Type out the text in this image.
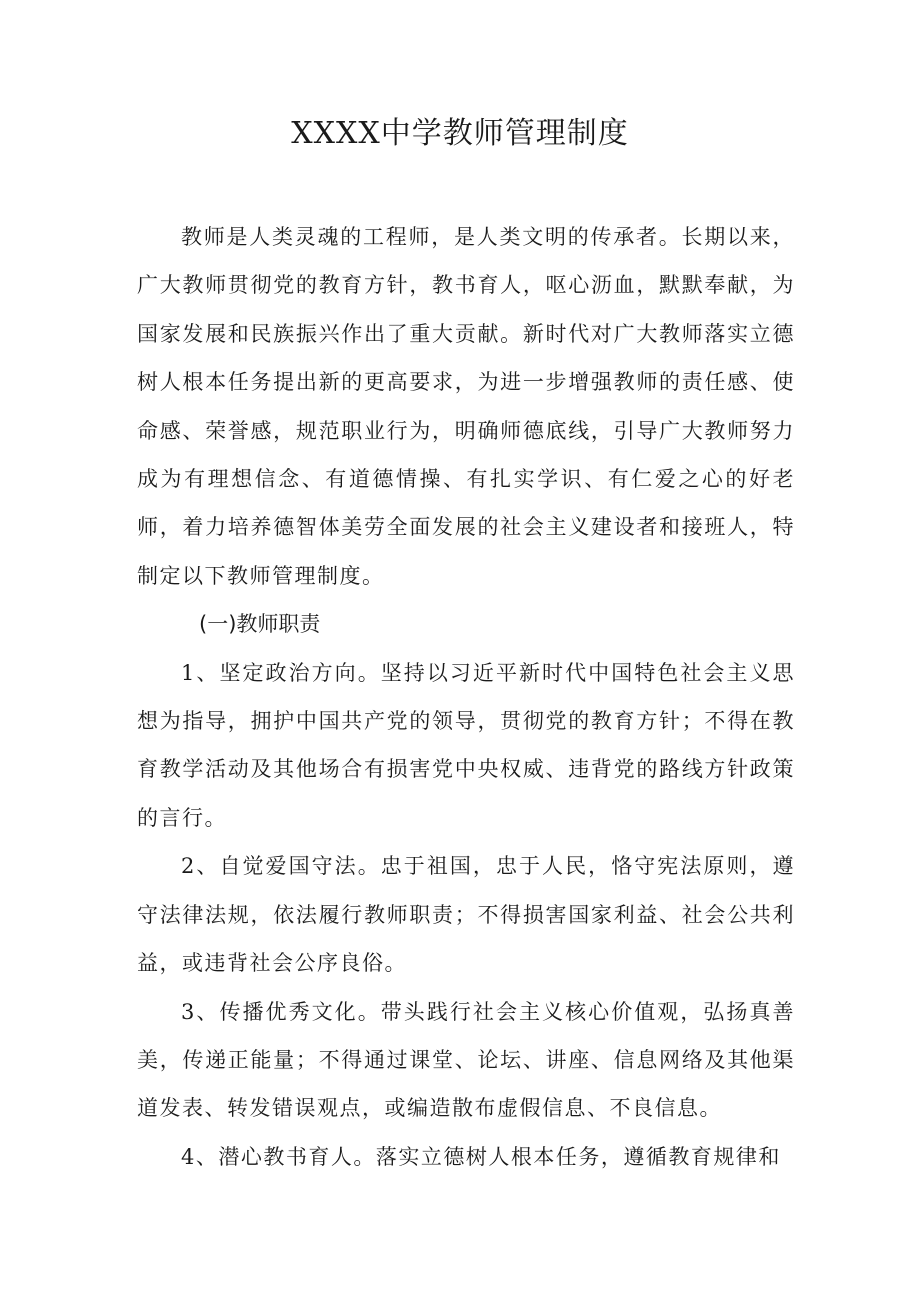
XXXX中学教师管理制度

教师是人类灵魂的工程师，是人类文明的传承者。长期以来，广大教师贯彻党的教育方针，教书育人，呕心沥血，默默奉献，为国家发展和民族振兴作出了重大贡献。新时代对广大教师落实立德树人根本任务提出新的更高要求，为进一步增强教师的责任感、使命感、荣誉感，规范职业行为，明确师德底线，引导广大教师努力成为有理想信念、有道德情操、有扎实学识、有仁爱之心的好老师，着力培养德智体美劳全面发展的社会主义建设者和接班人，特制定以下教师管理制度。

(一)教师职责

1、坚定政治方向。坚持以习近平新时代中国特色社会主义思想为指导，拥护中国共产党的领导，贯彻党的教育方针；不得在教育教学活动及其他场合有损害党中央权威、违背党的路线方针政策的言行。

2、自觉爱国守法。忠于祖国，忠于人民，恪守宪法原则，遵守法律法规，依法履行教师职责；不得损害国家利益、社会公共利益，或违背社会公序良俗。

3、传播优秀文化。带头践行社会主义核心价值观，弘扬真善美，传递正能量；不得通过课堂、论坛、讲座、信息网络及其他渠道发表、转发错误观点，或编造散布虚假信息、不良信息。

4、潜心教书育人。落实立德树人根本任务，遵循教育规律和
